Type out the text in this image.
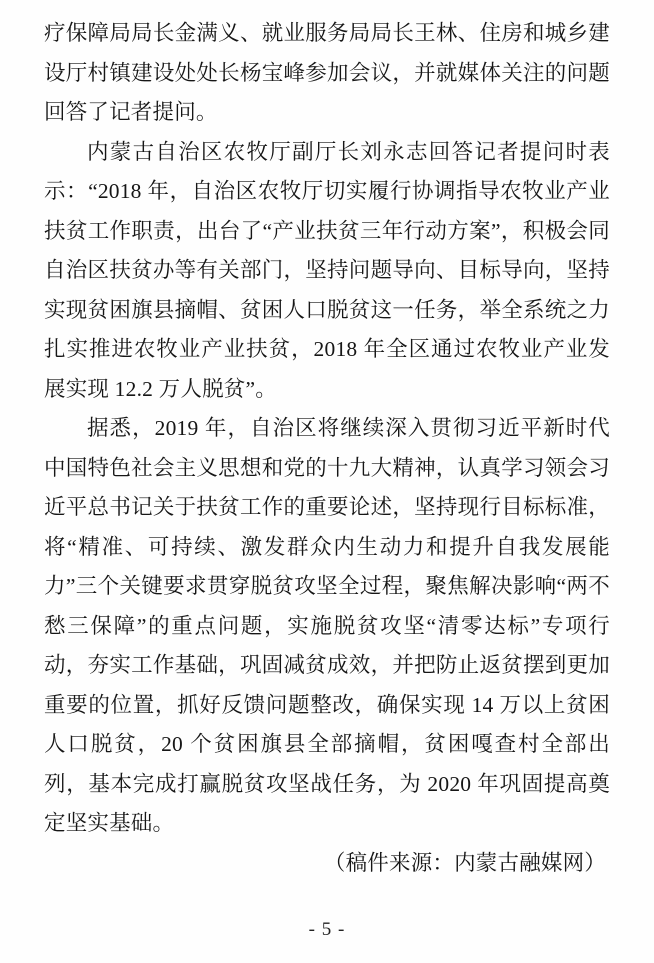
疗保障局局长金满义、就业服务局局长王林、住房和城乡建设厅村镇建设处处长杨宝峰参加会议，并就媒体关注的问题回答了记者提问。

内蒙古自治区农牧厅副厅长刘永志回答记者提问时表示：“2018 年，自治区农牧厅切实履行协调指导农牧业产业扶贫工作职责，出台了“产业扶贫三年行动方案”，积极会同自治区扶贫办等有关部门，坚持问题导向、目标导向，坚持实现贫困旗县摘帽、贫困人口脱贫这一任务，举全系统之力扎实推进农牧业产业扶贫，2018 年全区通过农牧业产业发展实现 12.2 万人脱贫”。

据悉，2019 年，自治区将继续深入贯彻习近平新时代中国特色社会主义思想和党的十九大精神，认真学习领会习近平总书记关于扶贫工作的重要论述，坚持现行目标标准，将“精准、可持续、激发群众内生动力和提升自我发展能力”三个关键要求贯穿脱贫攻坚全过程，聚焦解决影响“两不愁三保障”的重点问题，实施脱贫攻坚“清零达标”专项行动，夯实工作基础，巩固减贫成效，并把防止返贫摆到更加重要的位置，抓好反馈问题整改，确保实现 14 万以上贫困人口脱贫，20 个贫困旗县全部摘帽，贫困嘎查村全部出列，基本完成打赢脱贫攻坚战任务，为 2020 年巩固提高奠定坚实基础。

（稿件来源：内蒙古融媒网）

- 5 -
